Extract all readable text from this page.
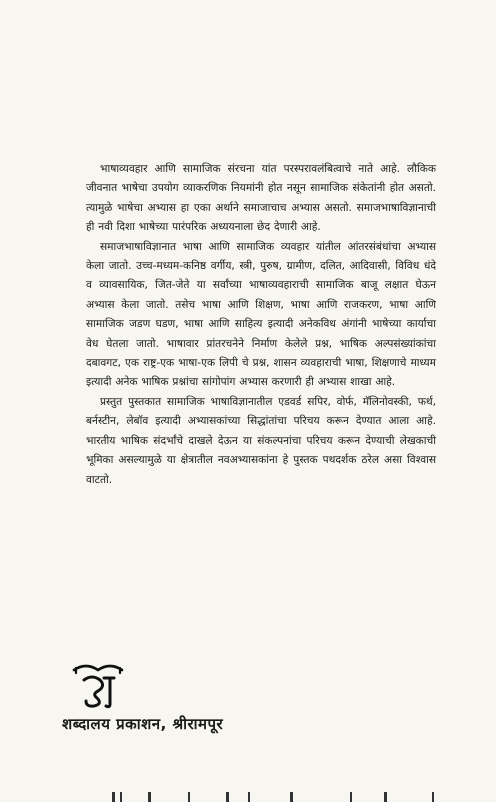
भाषाव्यवहार आणि सामाजिक संरचना यांत परस्परावलंबित्वाचे नाते आहे. लौकिक जीवनात भाषेचा उपयोग व्याकरणिक नियमांनी होत नसून सामाजिक संकेतांनी होत असतो. त्यामुळे भाषेचा अभ्यास हा एका अर्थाने समाजाचाच अभ्यास असतो. समाजभाषाविज्ञानाची ही नवी दिशा भाषेच्या पारंपरिक अध्ययनाला छेद देणारी आहे.

समाजभाषाविज्ञानात भाषा आणि सामाजिक व्यवहार यांतील आंतरसंबंधांचा अभ्यास केला जातो. उच्च-मध्यम-कनिष्ठ वर्गीय, स्त्री, पुरुष, ग्रामीण, दलित, आदिवासी, विविध धंदे व व्यावसायिक, जित-जेते या सर्वांच्या भाषाव्यवहाराची सामाजिक बाजू लक्षात घेऊन अभ्यास केला जातो. तसेच भाषा आणि शिक्षण, भाषा आणि राजकरण, भाषा आणि सामाजिक जडण घडण, भाषा आणि साहित्य इत्यादी अनेकविध अंगांनी भाषेच्या कार्याचा वेध घेतला जातो. भाषावार प्रांतरचनेने निर्माण केलेले प्रश्न, भाषिक अल्पसंख्यांकांचा दबावगट, एक राष्ट्र-एक भाषा-एक लिपी चे प्रश्न, शासन व्यवहाराची भाषा, शिक्षणाचे माध्यम इत्यादी अनेक भाषिक प्रश्नांचा सांगोपांग अभ्यास करणारी ही अभ्यास शाखा आहे.

प्रस्तुत पुस्तकात सामाजिक भाषाविज्ञानातील एडवर्ड सपिर, वोर्फ, मॅलिनोवस्की, फर्थ, बर्नस्टीन, लेबॉव इत्यादी अभ्यासकांच्या सिद्धांतांचा परिचय करून देण्यात आला आहे. भारतीय भाषिक संदर्भांचे दाखले देऊन या संकल्पनांचा परिचय करून देण्याची लेखकाची भूमिका असल्यामुळे या क्षेत्रातील नवअभ्यासकांना हे पुस्तक पथदर्शक ठरेल असा विश्वास वाटतो.

शब्दालय प्रकाशन, श्रीरामपूर
